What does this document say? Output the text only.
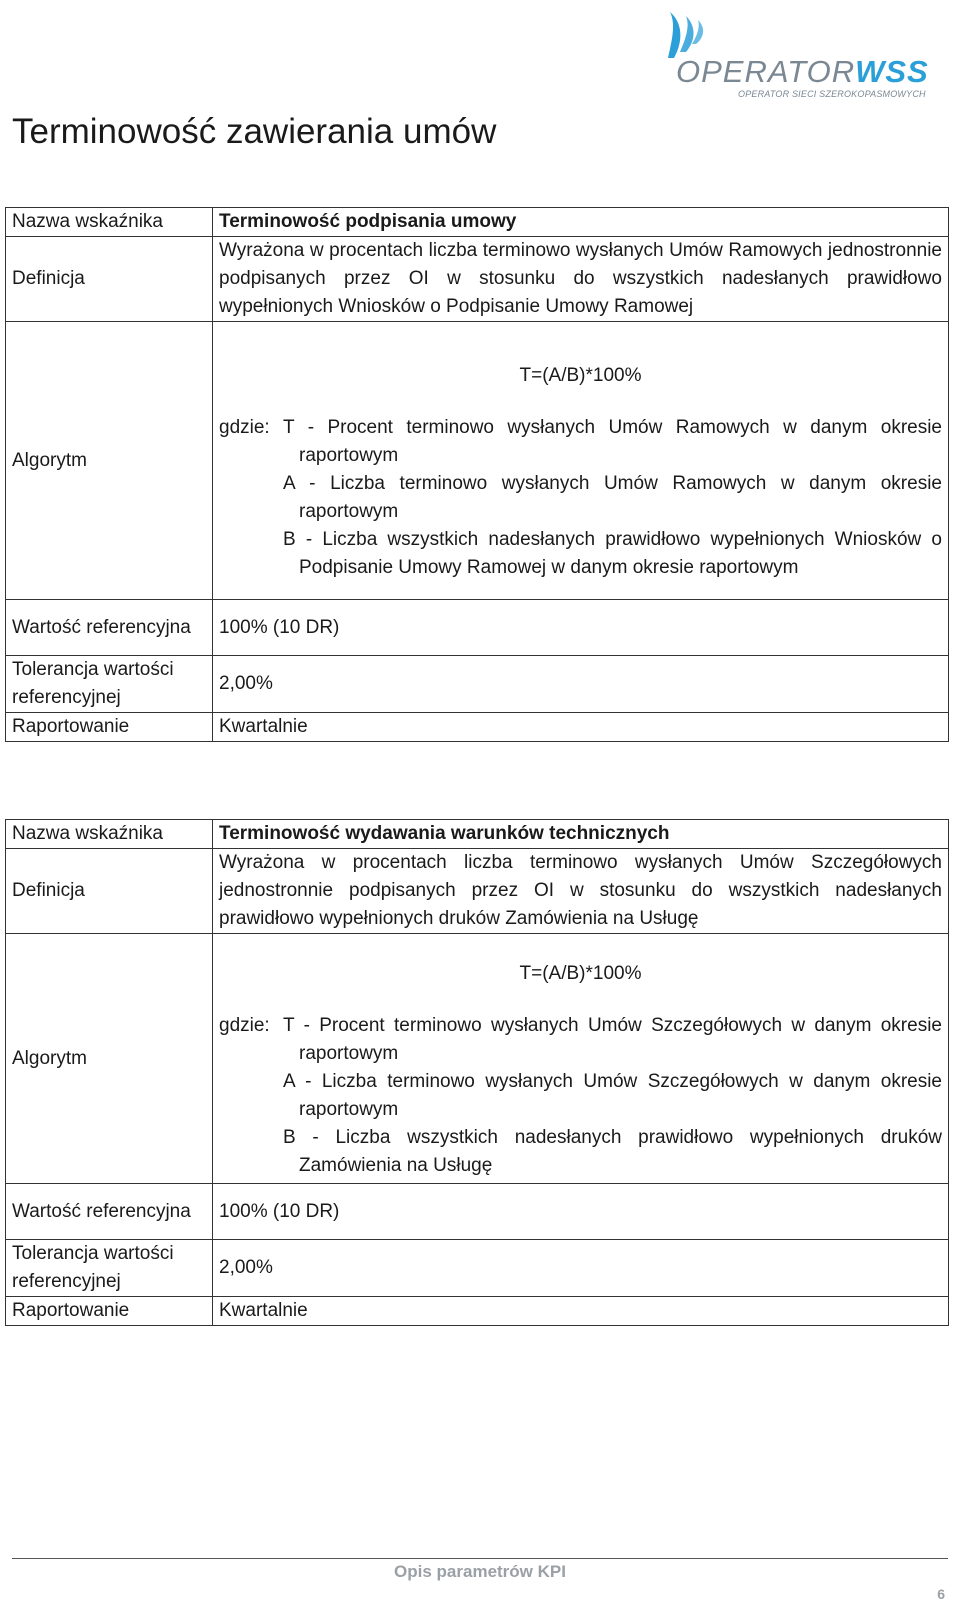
OPERATORWSS
OPERATOR SIECI SZEROKOPASMOWYCH
Terminowość zawierania umów
Nazwa wskaźnika	Terminowość podpisania umowy
Definicja	Wyrażona w procentach liczba terminowo wysłanych Umów Ramowych jednostronnie podpisanych przez OI w stosunku do wszystkich nadesłanych prawidłowo wypełnionych Wniosków o Podpisanie Umowy Ramowej
Algorytm	T=(A/B)*100%
gdzie: T - Procent terminowo wysłanych Umów Ramowych w danym okresie raportowym
A - Liczba terminowo wysłanych Umów Ramowych w danym okresie raportowym
B - Liczba wszystkich nadesłanych prawidłowo wypełnionych Wniosków o Podpisanie Umowy Ramowej w danym okresie raportowym

Wartość referencyjna	100% (10 DR)
Tolerancja wartości referencyjnej	2,00%
Raportowanie	Kwartalnie
Nazwa wskaźnika	Terminowość wydawania warunków technicznych
Definicja	Wyrażona w procentach liczba terminowo wysłanych Umów Szczegółowych jednostronnie podpisanych przez OI w stosunku do wszystkich nadesłanych prawidłowo wypełnionych druków Zamówienia na Usługę
Algorytm	T=(A/B)*100%
gdzie: T - Procent terminowo wysłanych Umów Szczegółowych w danym okresie raportowym
A - Liczba terminowo wysłanych Umów Szczegółowych w danym okresie raportowym
B - Liczba wszystkich nadesłanych prawidłowo wypełnionych druków Zamówienia na Usługę

Wartość referencyjna	100% (10 DR)
Tolerancja wartości referencyjnej	2,00%
Raportowanie	Kwartalnie
Opis parametrów KPI
6
